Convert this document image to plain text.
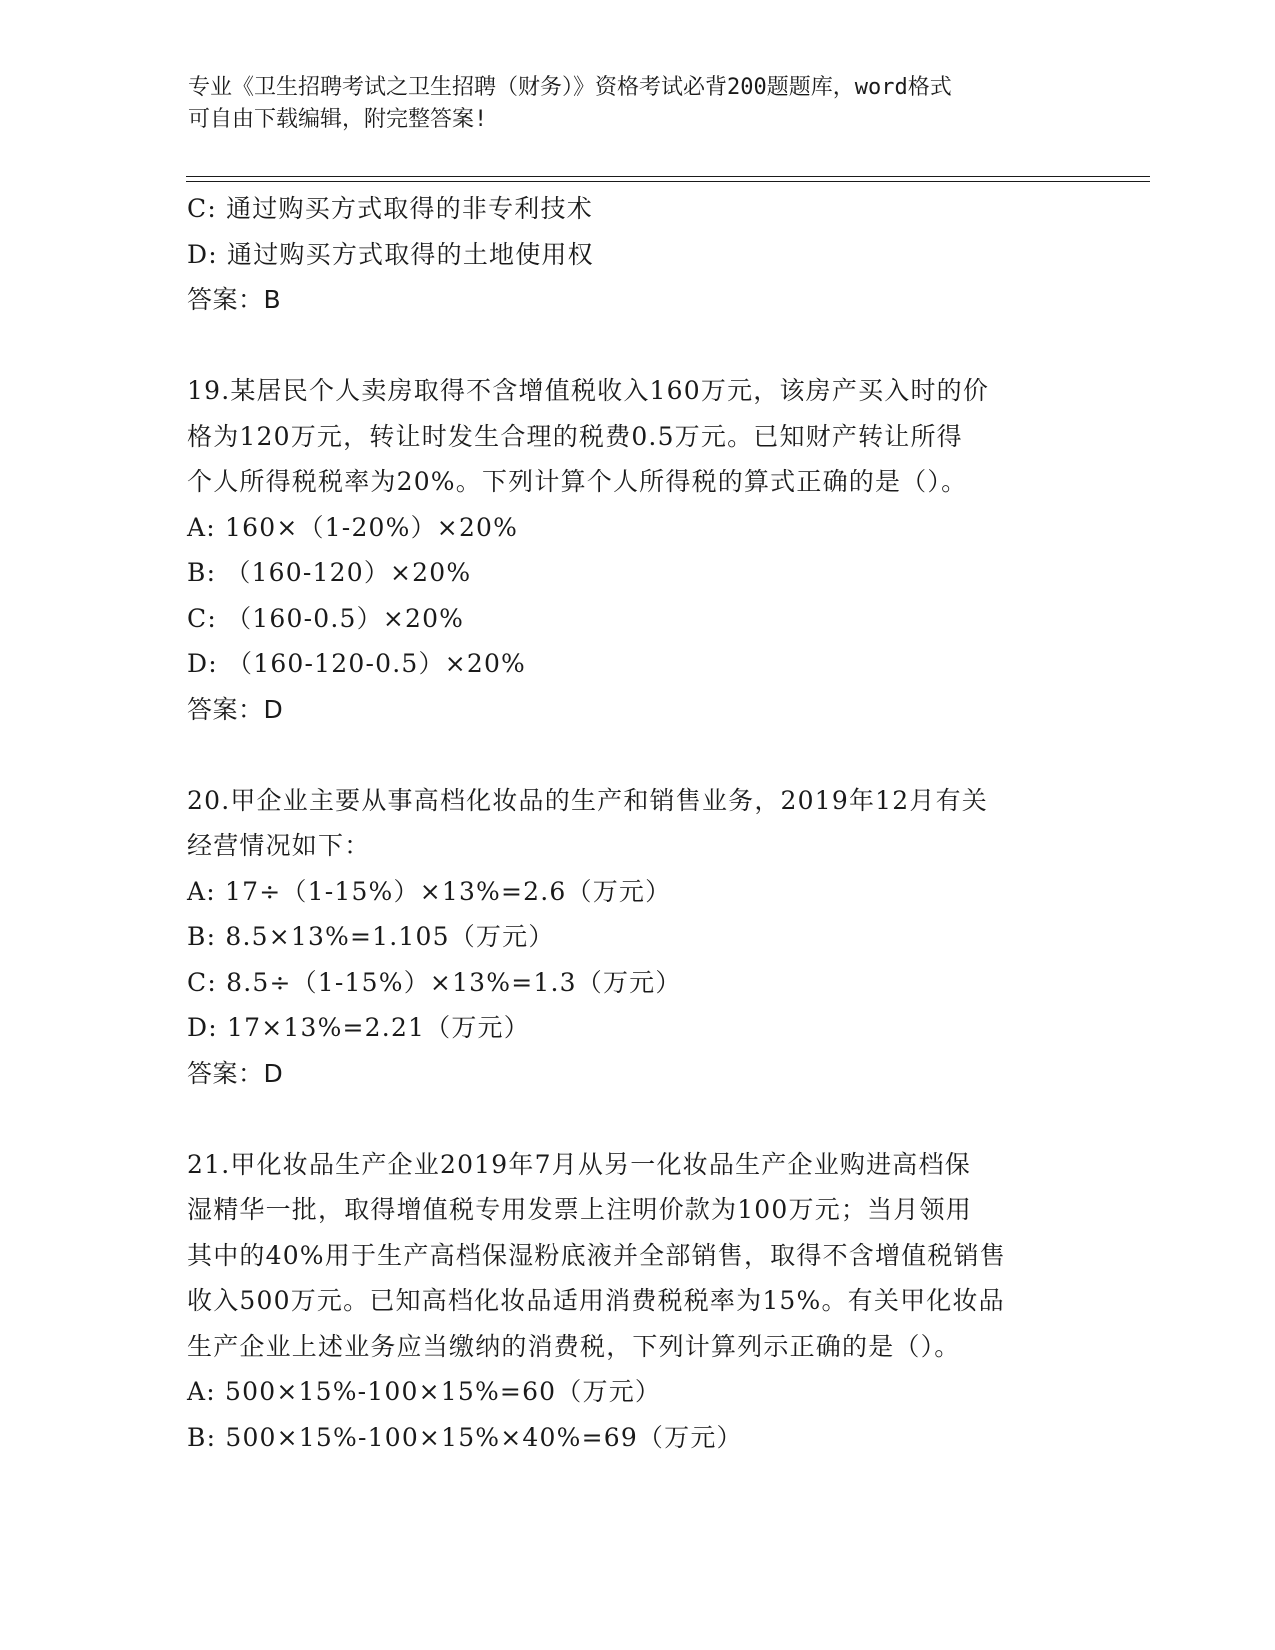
专业《卫生招聘考试之卫生招聘（财务）》资格考试必背200题题库，word格式
可自由下载编辑，附完整答案!
C: 通过购买方式取得的非专利技术
D: 通过购买方式取得的土地使用权
答案：B
19.某居民个人卖房取得不含增值税收入160万元，该房产买入时的价
格为120万元，转让时发生合理的税费0.5万元。已知财产转让所得
个人所得税税率为20%。下列计算个人所得税的算式正确的是（）。
A: 160×（1-20%）×20%
B: （160-120）×20%
C: （160-0.5）×20%
D: （160-120-0.5）×20%
答案：D
20.甲企业主要从事高档化妆品的生产和销售业务，2019年12月有关
经营情况如下：
A: 17÷（1-15%）×13%=2.6（万元）
B: 8.5×13%=1.105（万元）
C: 8.5÷（1-15%）×13%=1.3（万元）
D: 17×13%=2.21（万元）
答案：D
21.甲化妆品生产企业2019年7月从另一化妆品生产企业购进高档保
湿精华一批，取得增值税专用发票上注明价款为100万元；当月领用
其中的40%用于生产高档保湿粉底液并全部销售，取得不含增值税销售
收入500万元。已知高档化妆品适用消费税税率为15%。有关甲化妆品
生产企业上述业务应当缴纳的消费税，下列计算列示正确的是（）。
A: 500×15%-100×15%=60（万元）
B: 500×15%-100×15%×40%=69（万元）
